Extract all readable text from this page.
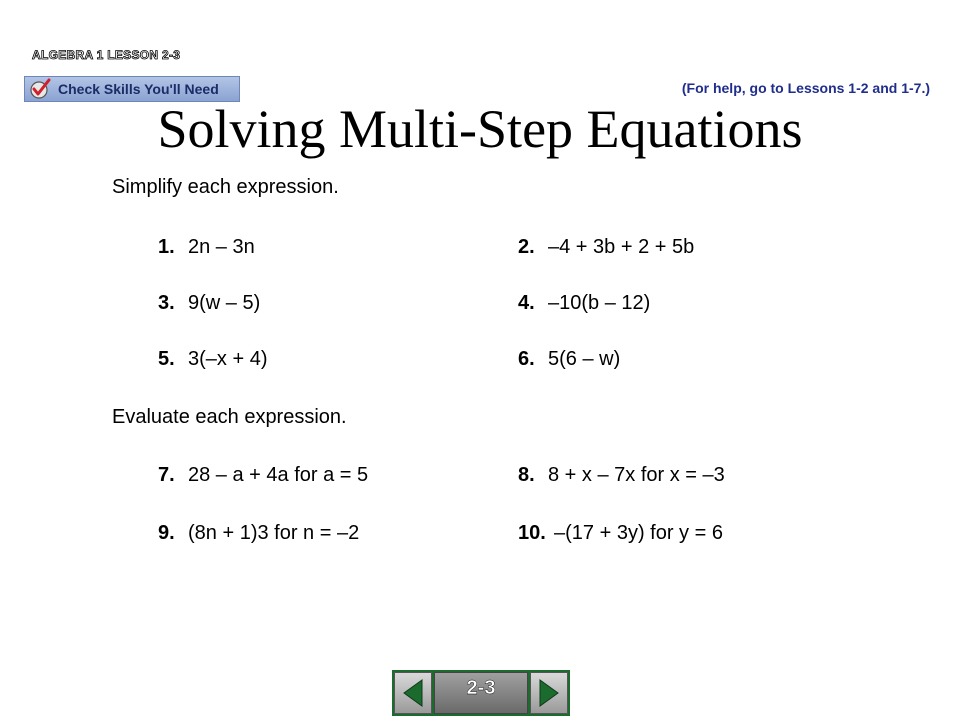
ALGEBRA 1 LESSON 2-3
Check Skills You'll Need	(For help, go to Lessons 1-2 and 1-7.)
Solving Multi-Step Equations
Simplify each expression.
1. 2n – 3n	2. –4 + 3b + 2 + 5b
3. 9(w – 5)	4. –10(b – 12)
5. 3(–x + 4)	6. 5(6 – w)
Evaluate each expression.
7. 28 – a + 4a for a = 5	8. 8 + x – 7x for x = –3
9. (8n + 1)3 for n = –2	10. –(17 + 3y) for y = 6
2-3
